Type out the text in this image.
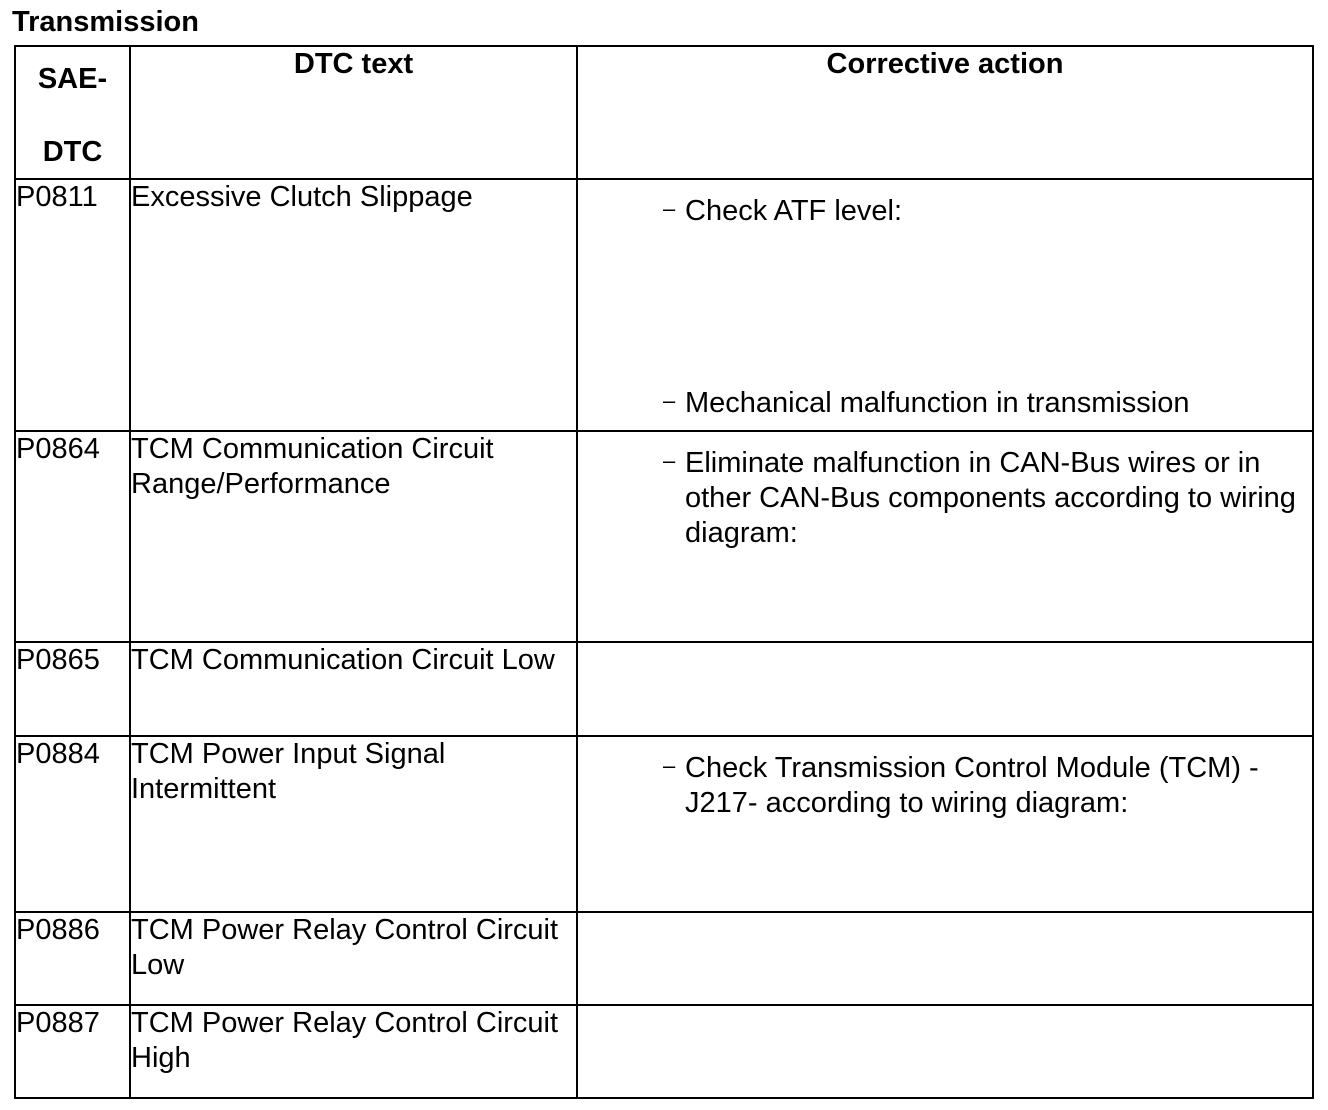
Transmission
SAE-
DTC	DTC text	Corrective action
P0811	Excessive Clutch Slippage	– Check ATF level:
– Mechanical malfunction in transmission

P0864	TCM Communication Circuit Range/Performance	– Eliminate malfunction in CAN-Bus wires or in other CAN-Bus components according to wiring diagram:

P0865	TCM Communication Circuit Low	
P0884	TCM Power Input Signal Intermittent	– Check Transmission Control Module (TCM) -J217- according to wiring diagram:

P0886	TCM Power Relay Control Circuit Low	
P0887	TCM Power Relay Control Circuit High	
